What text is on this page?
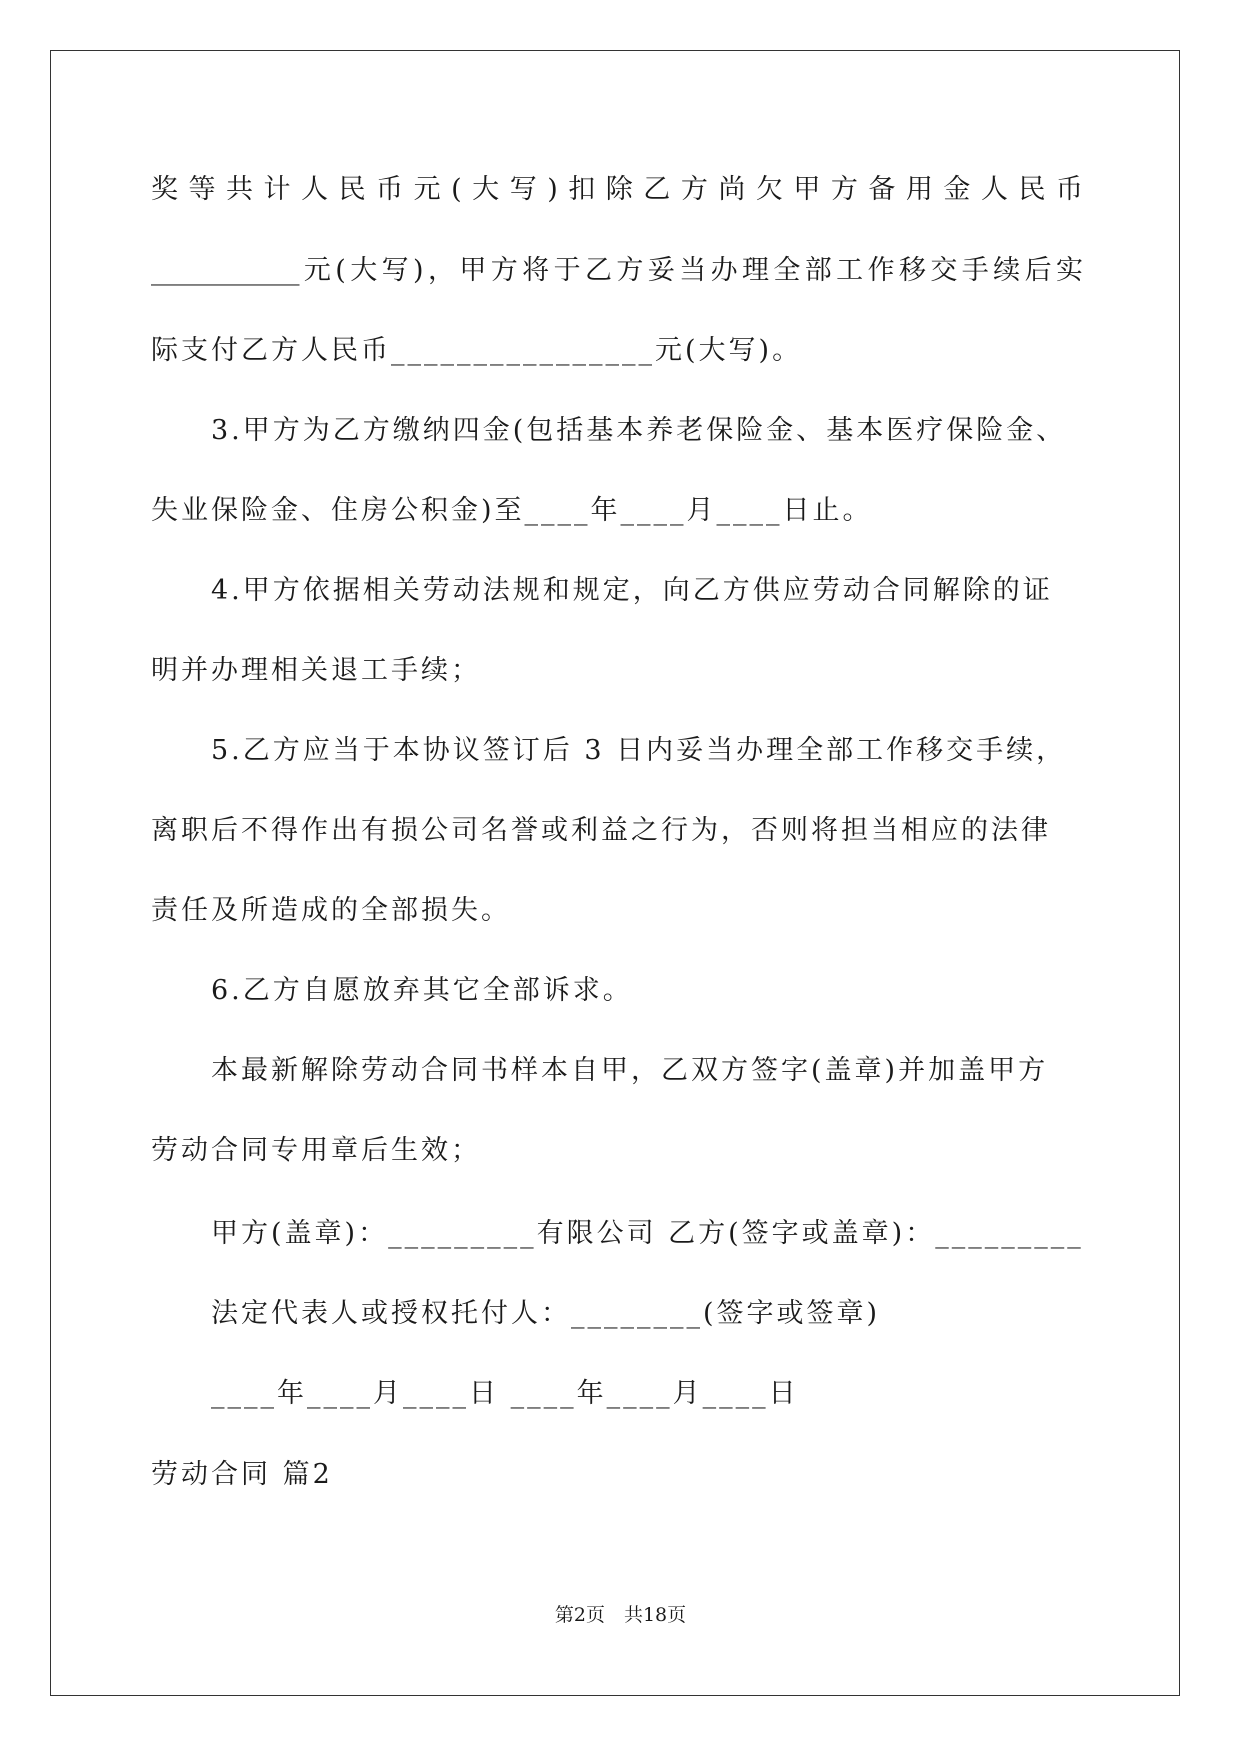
奖等共计人民币元(大写)扣除乙方尚欠甲方备用金人民币
___________元(大写)，甲方将于乙方妥当办理全部工作移交手续后实
际支付乙方人民币________________元(大写)。
3.甲方为乙方缴纳四金(包括基本养老保险金、基本医疗保险金、
失业保险金、住房公积金)至____年____月____日止。
4.甲方依据相关劳动法规和规定，向乙方供应劳动合同解除的证
明并办理相关退工手续；
5.乙方应当于本协议签订后 3 日内妥当办理全部工作移交手续，
离职后不得作出有损公司名誉或利益之行为，否则将担当相应的法律
责任及所造成的全部损失。
6.乙方自愿放弃其它全部诉求。
本最新解除劳动合同书样本自甲，乙双方签字(盖章)并加盖甲方
劳动合同专用章后生效；
甲方(盖章)：_________有限公司 乙方(签字或盖章)：_________
法定代表人或授权托付人：________(签字或签章)
____年____月____日 ____年____月____日
劳动合同 篇2
第2页　共18页
